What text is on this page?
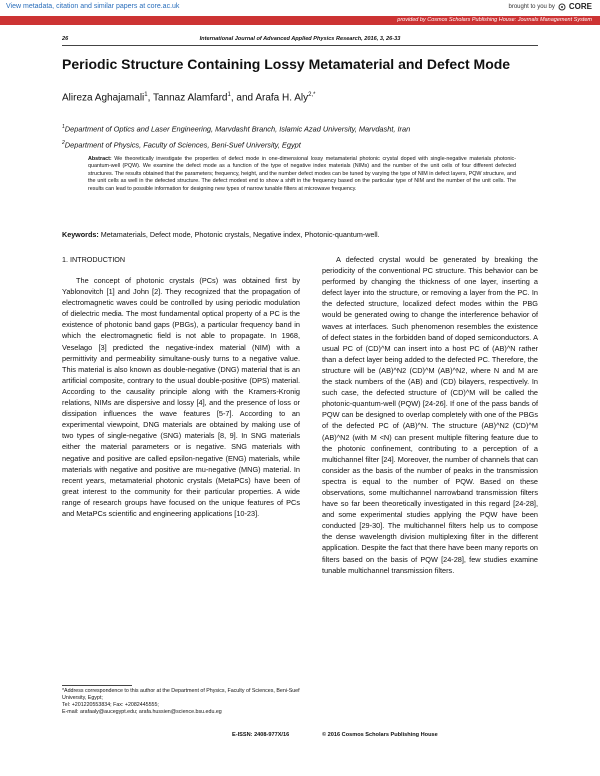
View metadata, citation and similar papers at core.ac.uk	brought to you by CORE
provided by Cosmos Scholars Publishing House: Journals Management System
26	International Journal of Advanced Applied Physics Research, 2016, 3, 26-33
Periodic Structure Containing Lossy Metamaterial and Defect Mode
Alireza Aghajamali$^1$, Tannaz Alamfard$^1$, and Arafa H. Aly$^{2,*}$
$^1$Department of Optics and Laser Engineering, Marvdasht Branch, Islamic Azad University, Marvdasht, Iran
$^2$Department of Physics, Faculty of Sciences, Beni-Suef University, Egypt
Abstract: We theoretically investigate the properties of defect mode in one-dimensional lossy metamaterial photonic crystal doped with single-negative materials photonic-quantum-well (PQW). We examine the defect mode as a function of the type of negative index materials (NIMs) and the number of the unit cells of four different defected structures. The results obtained that the parameters; frequency, height, and the number defect modes can be tuned by varying the type of NIM in defect layers, PQW structure, and the unit cells as well in the defected structure. The defect modest end to show a shift in the frequency based on the particular type of NIM and the number of the unit cells. The results can lead to possible information for designing new types of narrow tunable filters at microwave frequency.
Keywords: Metamaterials, Defect mode, Photonic crystals, Negative index, Photonic-quantum-well.
1. INTRODUCTION
The concept of photonic crystals (PCs) was obtained first by Yablonovitch [1] and John [2]. They recognized that the propagation of electromagnetic waves could be controlled by using periodic modulation of dielectric media. The most fundamental optical property of a PC is the existence of photonic band gaps (PBGs), a particular frequency band in which the electromagnetic field is not able to propagate. In 1968, Veselago [3] predicted the negative-index material (NIM) with a permittivity and permeability simultane-ously turns to a negative value. This material is also known as double-negative (DNG) material that is an artificial composite, contrary to the usual double-positive (DPS) material. According to the causality principle along with the Kramers-Kronig relations, NIMs are dispersive and lossy [4], and the presence of loss or dissipation influences the wave features [5-7]. According to an experimental viewpoint, DNG materials are obtained by making use of two types of single-negative (SNG) materials [8, 9]. In SNG materials either the material parameters or is negative. SNG materials with negative and positive are called epsilon-negative (ENG) materials, while materials with negative and positive are mu-negative (MNG) material. In recent years, metamaterial photonic crystals (MetaPCs) have been of great interest to the community for their particular properties. A wide range of research groups have focused on the unique features of PCs and MetaPCs scientific and engineering applications [10-23].
A defected crystal would be generated by breaking the periodicity of the conventional PC structure. This behavior can be performed by changing the thickness of one layer, inserting a defect layer into the structure, or removing a layer from the PC. In the defected structure, localized defect modes within the PBG would be generated owing to change the interference behavior of waves at interfaces. Such phenomenon resembles the existence of defect states in the forbidden band of doped semiconductors. A usual PC of (CD)^M can insert into a host PC of (AB)^N rather than a defect layer being added to the defected PC. Therefore, the structure will be (AB)^N2 (CD)^M (AB)^N2, where N and M are the stack numbers of the (AB) and (CD) bilayers, respectively. In such case, the defected structure of (CD)^M will be called the photonic-quantum-well (PQW) [24-26]. If one of the pass bands of PQW can be designed to overlap completely with one of the PBGs of the defected PC of (AB)^N. The structure (AB)^N2 (CD)^M (AB)^N2 (with M <N) can present multiple filtering feature due to the photonic confinement, contributing to a perception of a multichannel filter [24]. Moreover, the number of channels that can consider as the basis of the number of peaks in the transmission spectra is equal to the number of PQW. Based on these observations, some multichannel narrowband transmission filters have so far been theoretically investigated in this regard [24-28], and some experimental studies applying the PQW have been conducted [29-30]. The multichannel filters help us to compose the dense wavelength division multiplexing filter in the different application. Despite the fact that there have been many reports on filters based on the basis of PQW [24-28], few studies examine tunable multichannel transmission filters.
*Address correspondence to this author at the Department of Physics, Faculty of Sciences, Beni-Suef University, Egypt;
Tel: +201220553834; Fax: +2082445555;
E-mail: arafaaly@aucegypt.edu; arafa.hussien@science.bsu.edu.eg
E-ISSN: 2408-977X/16	© 2016 Cosmos Scholars Publishing House
